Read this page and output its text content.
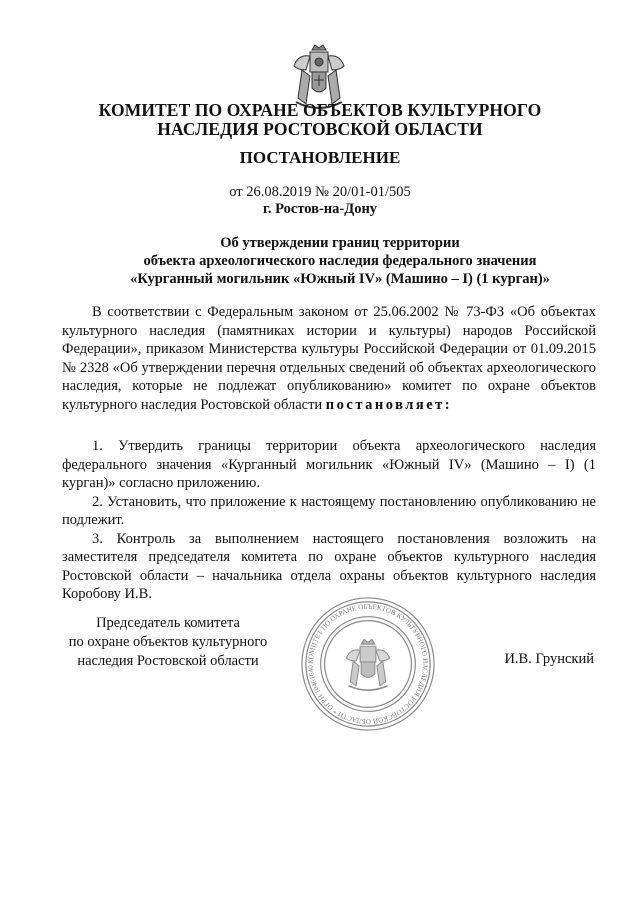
КОМИТЕТ ПО ОХРАНЕ ОБЪЕКТОВ КУЛЬТУРНОГО
НАСЛЕДИЯ РОСТОВСКОЙ ОБЛАСТИ
ПОСТАНОВЛЕНИЕ
от 26.08.2019 № 20/01-01/505
г. Ростов-на-Дону
Об утверждении границ территории
объекта археологического наследия федерального значения
«Курганный могильник «Южный IV» (Машино – I) (1 курган)»
В соответствии с Федеральным законом от 25.06.2002 № 73-ФЗ «Об объектах культурного наследия (памятниках истории и культуры) народов Российской Федерации», приказом Министерства культуры Российской Федерации от 01.09.2015 № 2328 «Об утверждении перечня отдельных сведений об объектах археологического наследия, которые не подлежат опубликованию» комитет по охране объектов культурного наследия Ростовской области постановляет:

1. Утвердить границы территории объекта археологического наследия федерального значения «Курганный могильник «Южный IV» (Машино – I) (1 курган)» согласно приложению.

2. Установить, что приложение к настоящему постановлению опубликованию не подлежит.

3. Контроль за выполнением настоящего постановления возложить на заместителя председателя комитета по охране объектов культурного наследия Ростовской области – начальника отдела охраны объектов культурного наследия Коробову И.В.

Председатель комитета
по охране объектов культурного
наследия Ростовской области	КОМИТЕТ ПО ОХРАНЕ ОБЪЕКТОВ КУЛЬТУРНОГО НАСЛЕДИЯ РОСТОВСКОЙ ОБЛАСТИ * ОГРН 10461640	И.В. Грунский
